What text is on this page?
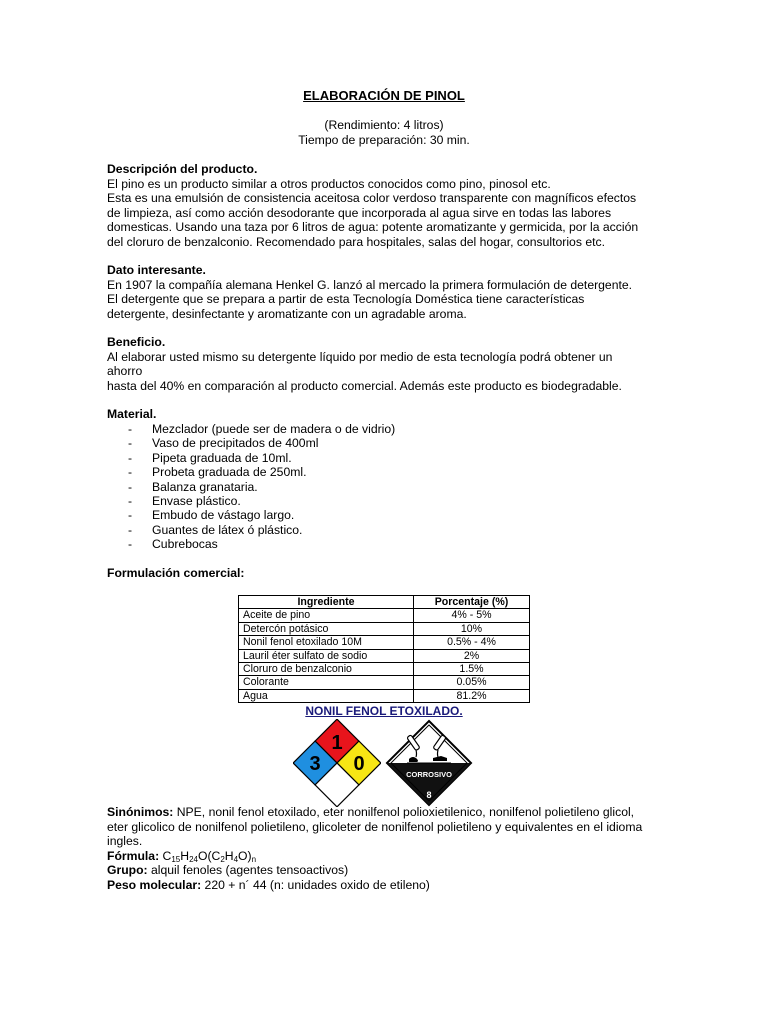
ELABORACIÓN DE PINOL
(Rendimiento: 4 litros)
Tiempo de preparación: 30 min.
Descripción del producto.
El pino es un producto similar a otros productos conocidos como pino, pinosol etc.
Esta es una emulsión de consistencia aceitosa color verdoso transparente con magníficos efectos
de limpieza, así como acción desodorante que incorporada al agua sirve en todas las labores
domesticas. Usando una taza por 6 litros de agua: potente aromatizante y germicida, por la acción
del cloruro de benzalconio. Recomendado para hospitales, salas del hogar, consultorios etc.
Dato interesante.
En 1907 la compañía alemana Henkel G. lanzó al mercado la primera formulación de detergente.
El detergente que se prepara a partir de esta Tecnología Doméstica tiene características
detergente, desinfectante y aromatizante con un agradable aroma.
Beneficio.
Al elaborar usted mismo su detergente líquido por medio de esta tecnología podrá obtener un
ahorro
hasta del 40% en comparación al producto comercial. Además este producto es biodegradable.
Material.
- Mezclador (puede ser de madera o de vidrio)
- Vaso de precipitados de 400ml
- Pipeta graduada de 10ml.
- Probeta graduada de 250ml.
- Balanza granataria.
- Envase plástico.
- Embudo de vástago largo.
- Guantes de látex ó plástico.
- Cubrebocas
Formulación comercial:
Ingrediente	Porcentaje (%)
Aceite de pino	4% - 5%
Detercón potásico	10%
Nonil fenol etoxilado 10M	0.5% - 4%
Lauril éter sulfato de sodio	2%
Cloruro de benzalconio	1.5%
Colorante	0.05%
Agua	81.2%
NONIL FENOL ETOXILADO.
1
3 0	CORROSIVO
8
Sinónimos: NPE, nonil fenol etoxilado, eter nonilfenol polioxietilenico, nonilfenol polietileno glicol,
eter glicolico de nonilfenol polietileno, glicoleter de nonilfenol polietileno y equivalentes en el idioma
ingles.
Fórmula: $C_{15}H_{24}O(C_2H_4O)_n$
Grupo: alquil fenoles (agentes tensoactivos)
Peso molecular: 220 + n´ 44 (n: unidades oxido de etileno)
